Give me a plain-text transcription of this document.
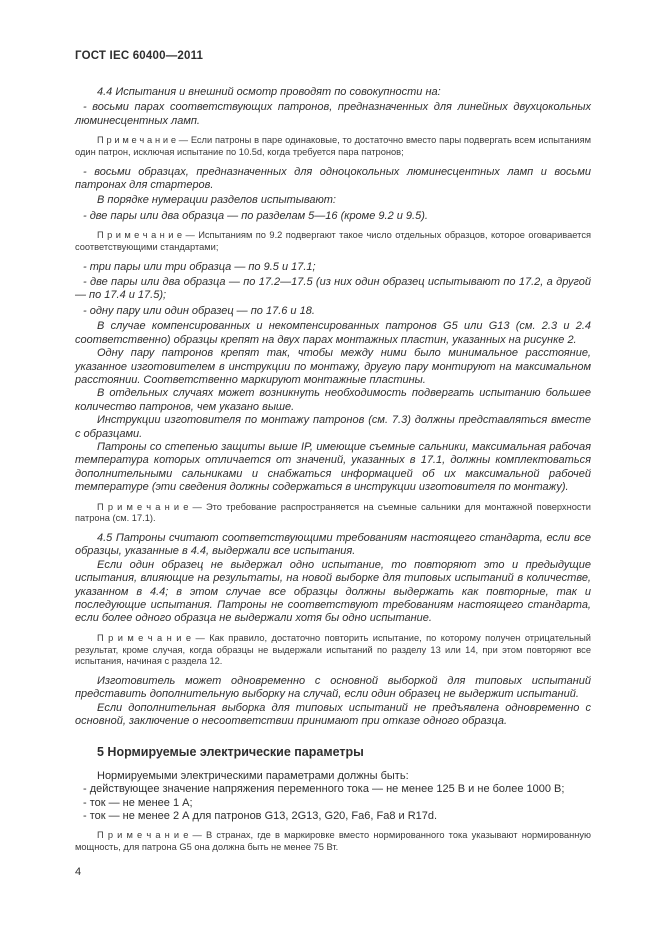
ГОСТ IEC 60400—2011

4.4 Испытания и внешний осмотр проводят по совокупности на:

- восьми парах соответствующих патронов, предназначенных для линейных двухцокольных люминесцентных ламп.

П р и м е ч а н и е — Если патроны в паре одинаковые, то достаточно вместо пары подвергать всем испытаниям один патрон, исключая испытание по 10.5d, когда требуется пара патронов;

- восьми образцах, предназначенных для одноцокольных люминесцентных ламп и восьми патронах для стартеров.

В порядке нумерации разделов испытывают:

- две пары или два образца — по разделам 5—16 (кроме 9.2 и 9.5).

П р и м е ч а н и е — Испытаниям по 9.2 подвергают такое число отдельных образцов, которое оговаривается соответствующими стандартами;

- три пары или три образца — по 9.5 и 17.1;

- две пары или два образца — по 17.2—17.5 (из них один образец испытывают по 17.2, а другой — по 17.4 и 17.5);

- одну пару или один образец — по 17.6 и 18.

В случае компенсированных и некомпенсированных патронов G5 или G13 (см. 2.3 и 2.4 соответственно) образцы крепят на двух парах монтажных пластин, указанных на рисунке 2.

Одну пару патронов крепят так, чтобы между ними было минимальное расстояние, указанное изготовителем в инструкции по монтажу, другую пару монтируют на максимальном расстоянии. Соответственно маркируют монтажные пластины.

В отдельных случаях может возникнуть необходимость подвергать испытанию большее количество патронов, чем указано выше.

Инструкции изготовителя по монтажу патронов (см. 7.3) должны представляться вместе с образцами.

Патроны со степенью защиты выше IP, имеющие съемные сальники, максимальная рабочая температура которых отличается от значений, указанных в 17.1, должны комплектоваться дополнительными сальниками и снабжаться информацией об их максимальной рабочей температуре (эти сведения должны содержаться в инструкции изготовителя по монтажу).

П р и м е ч а н и е — Это требование распространяется на съемные сальники для монтажной поверхности патрона (см. 17.1).

4.5 Патроны считают соответствующими требованиям настоящего стандарта, если все образцы, указанные в 4.4, выдержали все испытания.

Если один образец не выдержал одно испытание, то повторяют это и предыдущие испытания, влияющие на результаты, на новой выборке для типовых испытаний в количестве, указанном в 4.4; в этом случае все образцы должны выдержать как повторные, так и последующие испытания. Патроны не соответствуют требованиям настоящего стандарта, если более одного образца не выдержали хотя бы одно испытание.

П р и м е ч а н и е — Как правило, достаточно повторить испытание, по которому получен отрицательный результат, кроме случая, когда образцы не выдержали испытаний по разделу 13 или 14, при этом повторяют все испытания, начиная с раздела 12.

Изготовитель может одновременно с основной выборкой для типовых испытаний представить дополнительную выборку на случай, если один образец не выдержит испытаний.

Если дополнительная выборка для типовых испытаний не предъявлена одновременно с основной, заключение о несоответствии принимают при отказе одного образца.

5 Нормируемые электрические параметры

Нормируемыми электрическими параметрами должны быть:

- действующее значение напряжения переменного тока — не менее 125 В и не более 1000 В;

- ток — не менее 1 А;

- ток — не менее 2 А для патронов G13, 2G13, G20, Fa6, Fa8 и R17d.

П р и м е ч а н и е — В странах, где в маркировке вместо нормированного тока указывают нормированную мощность, для патрона G5 она должна быть не менее 75 Вт.

4
